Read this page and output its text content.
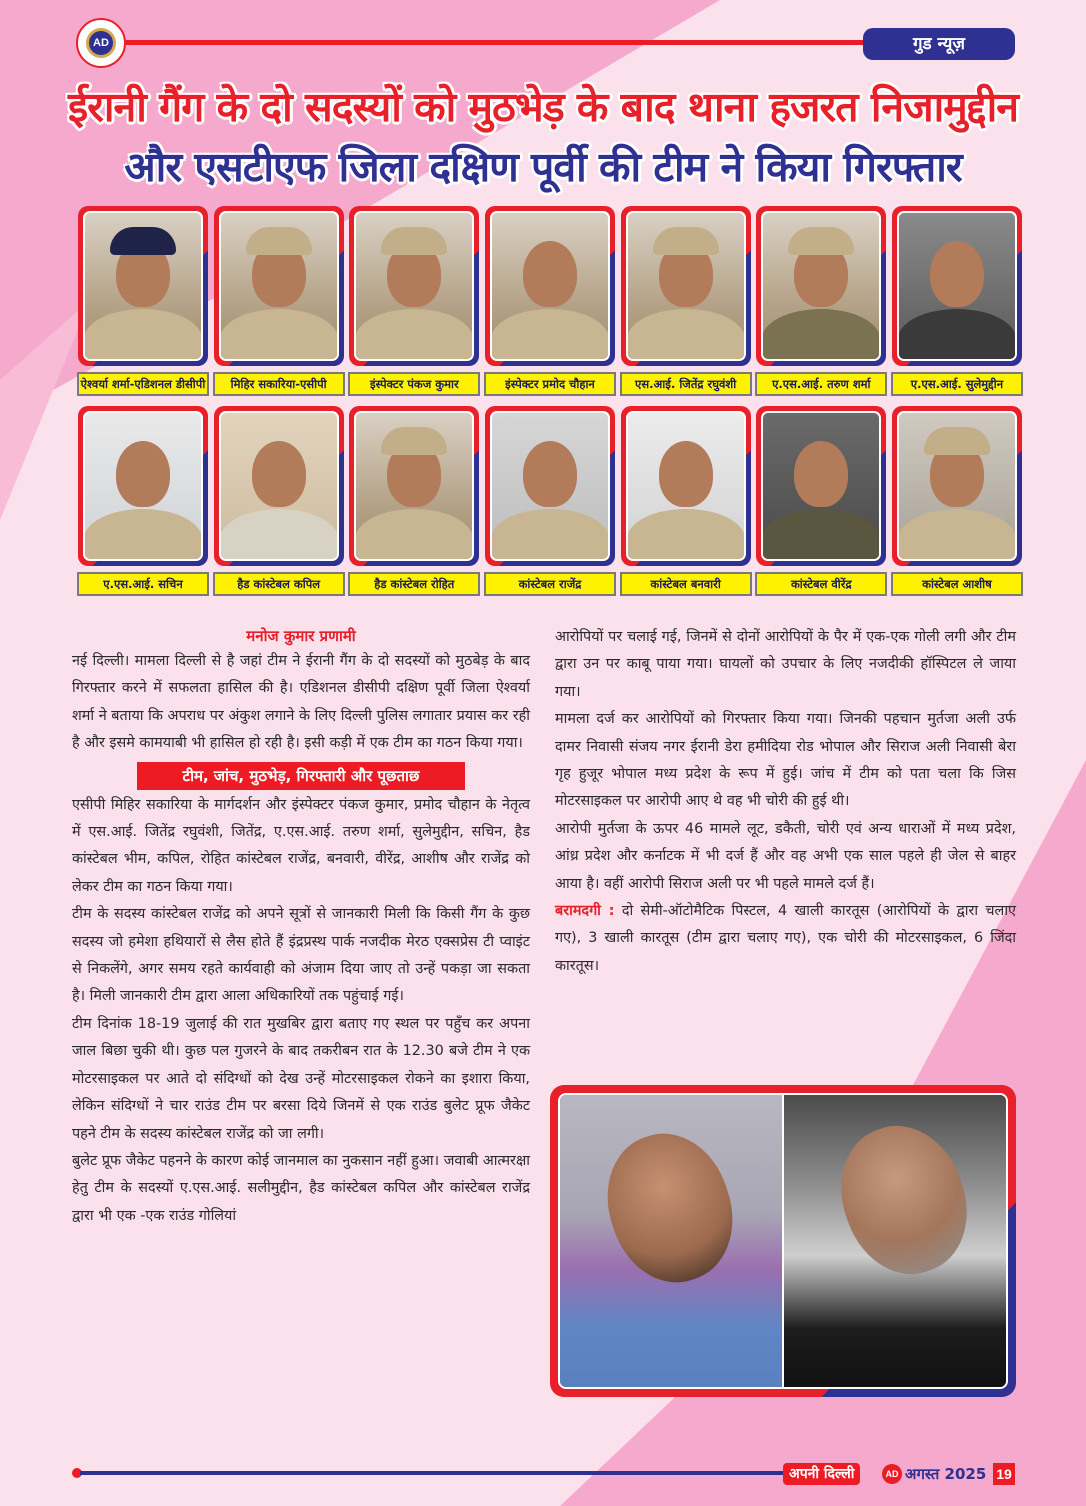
AD	गुड न्यूज़
ईरानी गैंग के दो सदस्यों को मुठभेड़ के बाद थाना हजरत निजामुद्दीन
और एसटीएफ जिला दक्षिण पूर्वी की टीम ने किया गिरफ्तार
ऐश्वर्या शर्मा-एडिशनल डीसीपी	मिहिर सकारिया-एसीपी	इंस्पेक्टर पंकज कुमार	इंस्पेक्टर प्रमोद चौहान	एस.आई. जितेंद्र रघुवंशी	ए.एस.आई. तरुण शर्मा	ए.एस.आई. सुलेमुद्दीन
ए.एस.आई. सचिन	हैड कांस्टेबल कपिल	हैड कांस्टेबल रोहित	कांस्टेबल राजेंद्र	कांस्टेबल बनवारी	कांस्टेबल वीरेंद्र	कांस्टेबल आशीष
मनोज कुमार प्रणामी

नई दिल्ली। मामला दिल्ली से है जहां टीम ने ईरानी गैंग के दो सदस्यों को मुठबेड़ के बाद गिरफ्तार करने में सफलता हासिल की है। एडिशनल डीसीपी दक्षिण पूर्वी जिला ऐश्वर्या शर्मा ने बताया कि अपराध पर अंकुश लगाने के लिए दिल्ली पुलिस लगातार प्रयास कर रही है और इसमे कामयाबी भी हासिल हो रही है। इसी कड़ी में एक टीम का गठन किया गया।

टीम, जांच, मुठभेड़, गिरफ्तारी और पूछताछ

एसीपी मिहिर सकारिया के मार्गदर्शन और इंस्पेक्टर पंकज कुमार, प्रमोद चौहान के नेतृत्व में एस.आई. जितेंद्र रघुवंशी, जितेंद्र, ए.एस.आई. तरुण शर्मा, सुलेमुद्दीन, सचिन, हैड कांस्टेबल भीम, कपिल, रोहित कांस्टेबल राजेंद्र, बनवारी, वीरेंद्र, आशीष और राजेंद्र को लेकर टीम का गठन किया गया।

टीम के सदस्य कांस्टेबल राजेंद्र को अपने सूत्रों से जानकारी मिली कि किसी गैंग के कुछ सदस्य जो हमेशा हथियारों से लैस होते हैं इंद्रप्रस्थ पार्क नजदीक मेरठ एक्सप्रेस टी प्वाइंट से निकलेंगे, अगर समय रहते कार्यवाही को अंजाम दिया जाए तो उन्हें पकड़ा जा सकता है। मिली जानकारी टीम द्वारा आला अधिकारियों तक पहुंचाई गई।

टीम दिनांक 18-19 जुलाई की रात मुखबिर द्वारा बताए गए स्थल पर पहुँच कर अपना जाल बिछा चुकी थी। कुछ पल गुजरने के बाद तकरीबन रात के 12.30 बजे टीम ने एक मोटरसाइकल पर आते दो संदिग्धों को देख उन्हें मोटरसाइकल रोकने का इशारा किया, लेकिन संदिग्धों ने चार राउंड टीम पर बरसा दिये जिनमें से एक राउंड बुलेट प्रूफ जैकेट पहने टीम के सदस्य कांस्टेबल राजेंद्र को जा लगी।

बुलेट प्रूफ जैकेट पहनने के कारण कोई जानमाल का नुकसान नहीं हुआ। जवाबी आत्मरक्षा हेतु टीम के सदस्यों ए.एस.आई. सलीमुद्दीन, हैड कांस्टेबल कपिल और कांस्टेबल राजेंद्र द्वारा भी एक -एक राउंड गोलियां

आरोपियों पर चलाई गई, जिनमें से दोनों आरोपियों के पैर में एक-एक गोली लगी और टीम द्वारा उन पर काबू पाया गया। घायलों को उपचार के लिए नजदीकी हॉस्पिटल ले जाया गया।

मामला दर्ज कर आरोपियों को गिरफ्तार किया गया। जिनकी पहचान मुर्तजा अली उर्फ दामर निवासी संजय नगर ईरानी डेरा हमीदिया रोड भोपाल और सिराज अली निवासी बेरा गृह हुजूर भोपाल मध्य प्रदेश के रूप में हुई। जांच में टीम को पता चला कि जिस मोटरसाइकल पर आरोपी आए थे वह भी चोरी की हुई थी।

आरोपी मुर्तजा के ऊपर 46 मामले लूट, डकैती, चोरी एवं अन्य धाराओं में मध्य प्रदेश, आंध्र प्रदेश और कर्नाटक में भी दर्ज हैं और वह अभी एक साल पहले ही जेल से बाहर आया है। वहीं आरोपी सिराज अली पर भी पहले मामले दर्ज हैं।

बरामदगी : दो सेमी-ऑटोमैटिक पिस्टल, 4 खाली कारतूस (आरोपियों के द्वारा चलाए गए), 3 खाली कारतूस (टीम द्वारा चलाए गए), एक चोरी की मोटरसाइकल, 6 जिंदा कारतूस।

अपनी दिल्ली	AD अगस्त 2025 19
